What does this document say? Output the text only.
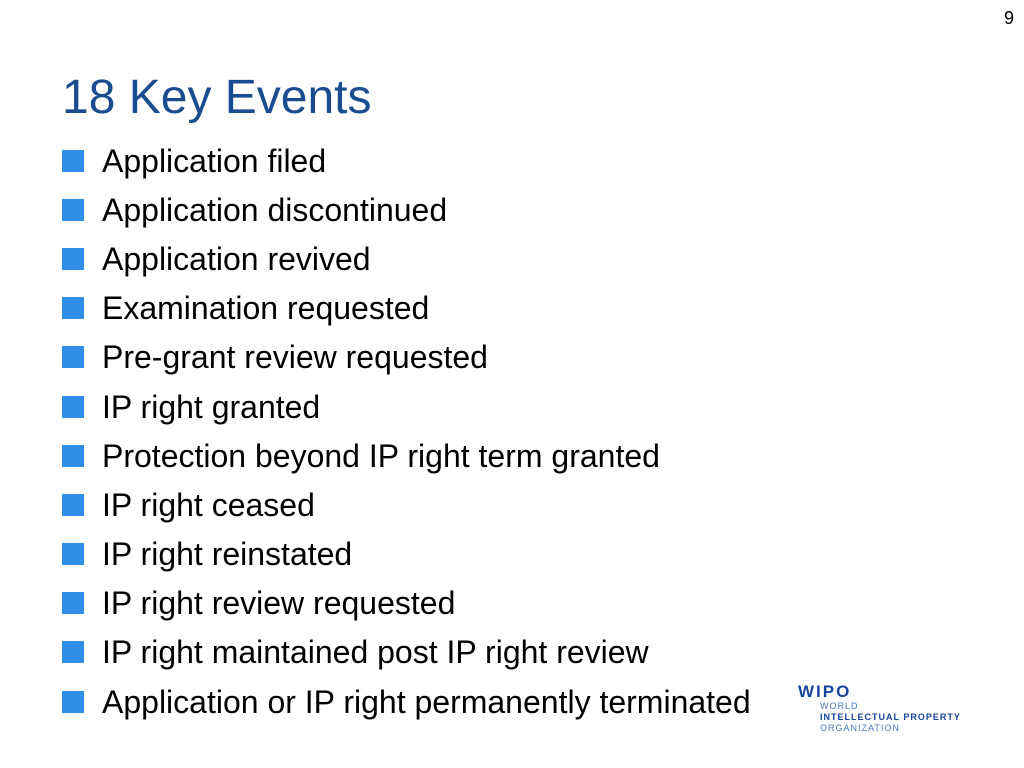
9
18 Key Events
Application filed
Application discontinued
Application revived
Examination requested
Pre-grant review requested
IP right granted
Protection beyond IP right term granted
IP right ceased
IP right reinstated
IP right review requested
IP right maintained post IP right review
Application or IP right permanently terminated	WIPO
WORLD
INTELLECTUAL PROPERTY
ORGANIZATION
